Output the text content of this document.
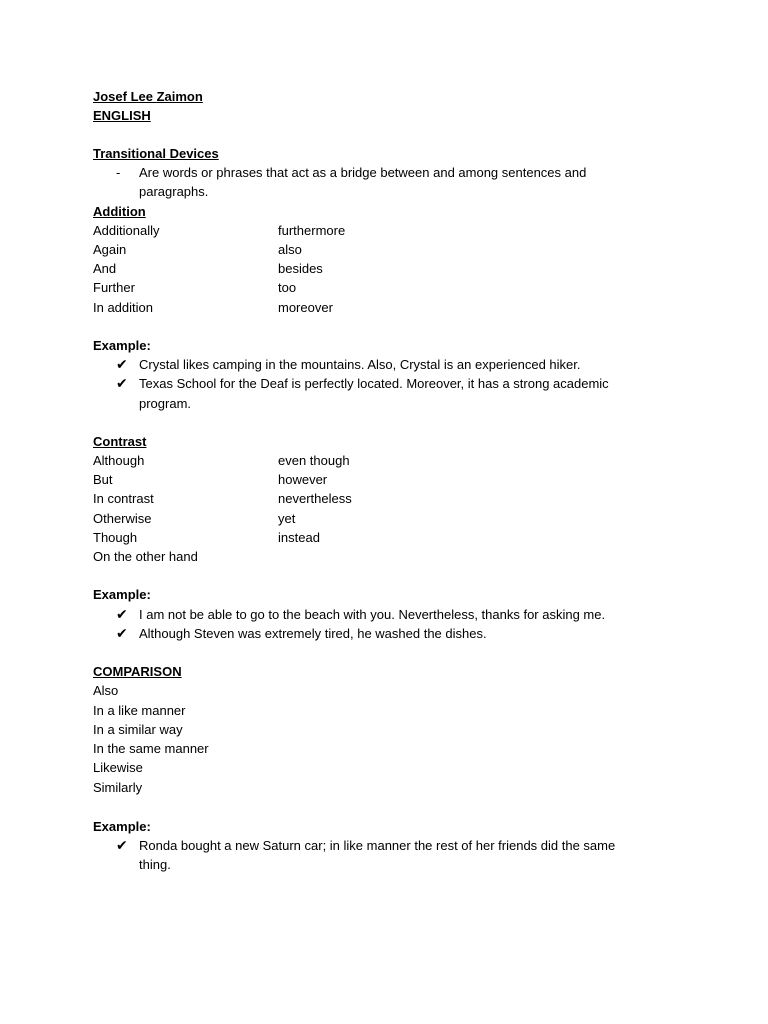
Josef Lee Zaimon
ENGLISH
Transitional Devices
- Are words or phrases that act as a bridge between and among sentences and
paragraphs.
Addition
Additionally	furthermore
Again	also
And	besides
Further	too
In addition	moreover
Example:
✔ Crystal likes camping in the mountains. Also, Crystal is an experienced hiker.
✔ Texas School for the Deaf is perfectly located. Moreover, it has a strong academic
program.
Contrast
Although	even though
But	however
In contrast	nevertheless
Otherwise	yet
Though	instead
On the other hand
Example:
✔ I am not be able to go to the beach with you. Nevertheless, thanks for asking me.
✔ Although Steven was extremely tired, he washed the dishes.
COMPARISON
Also
In a like manner
In a similar way
In the same manner
Likewise
Similarly
Example:
✔ Ronda bought a new Saturn car; in like manner the rest of her friends did the same
thing.
